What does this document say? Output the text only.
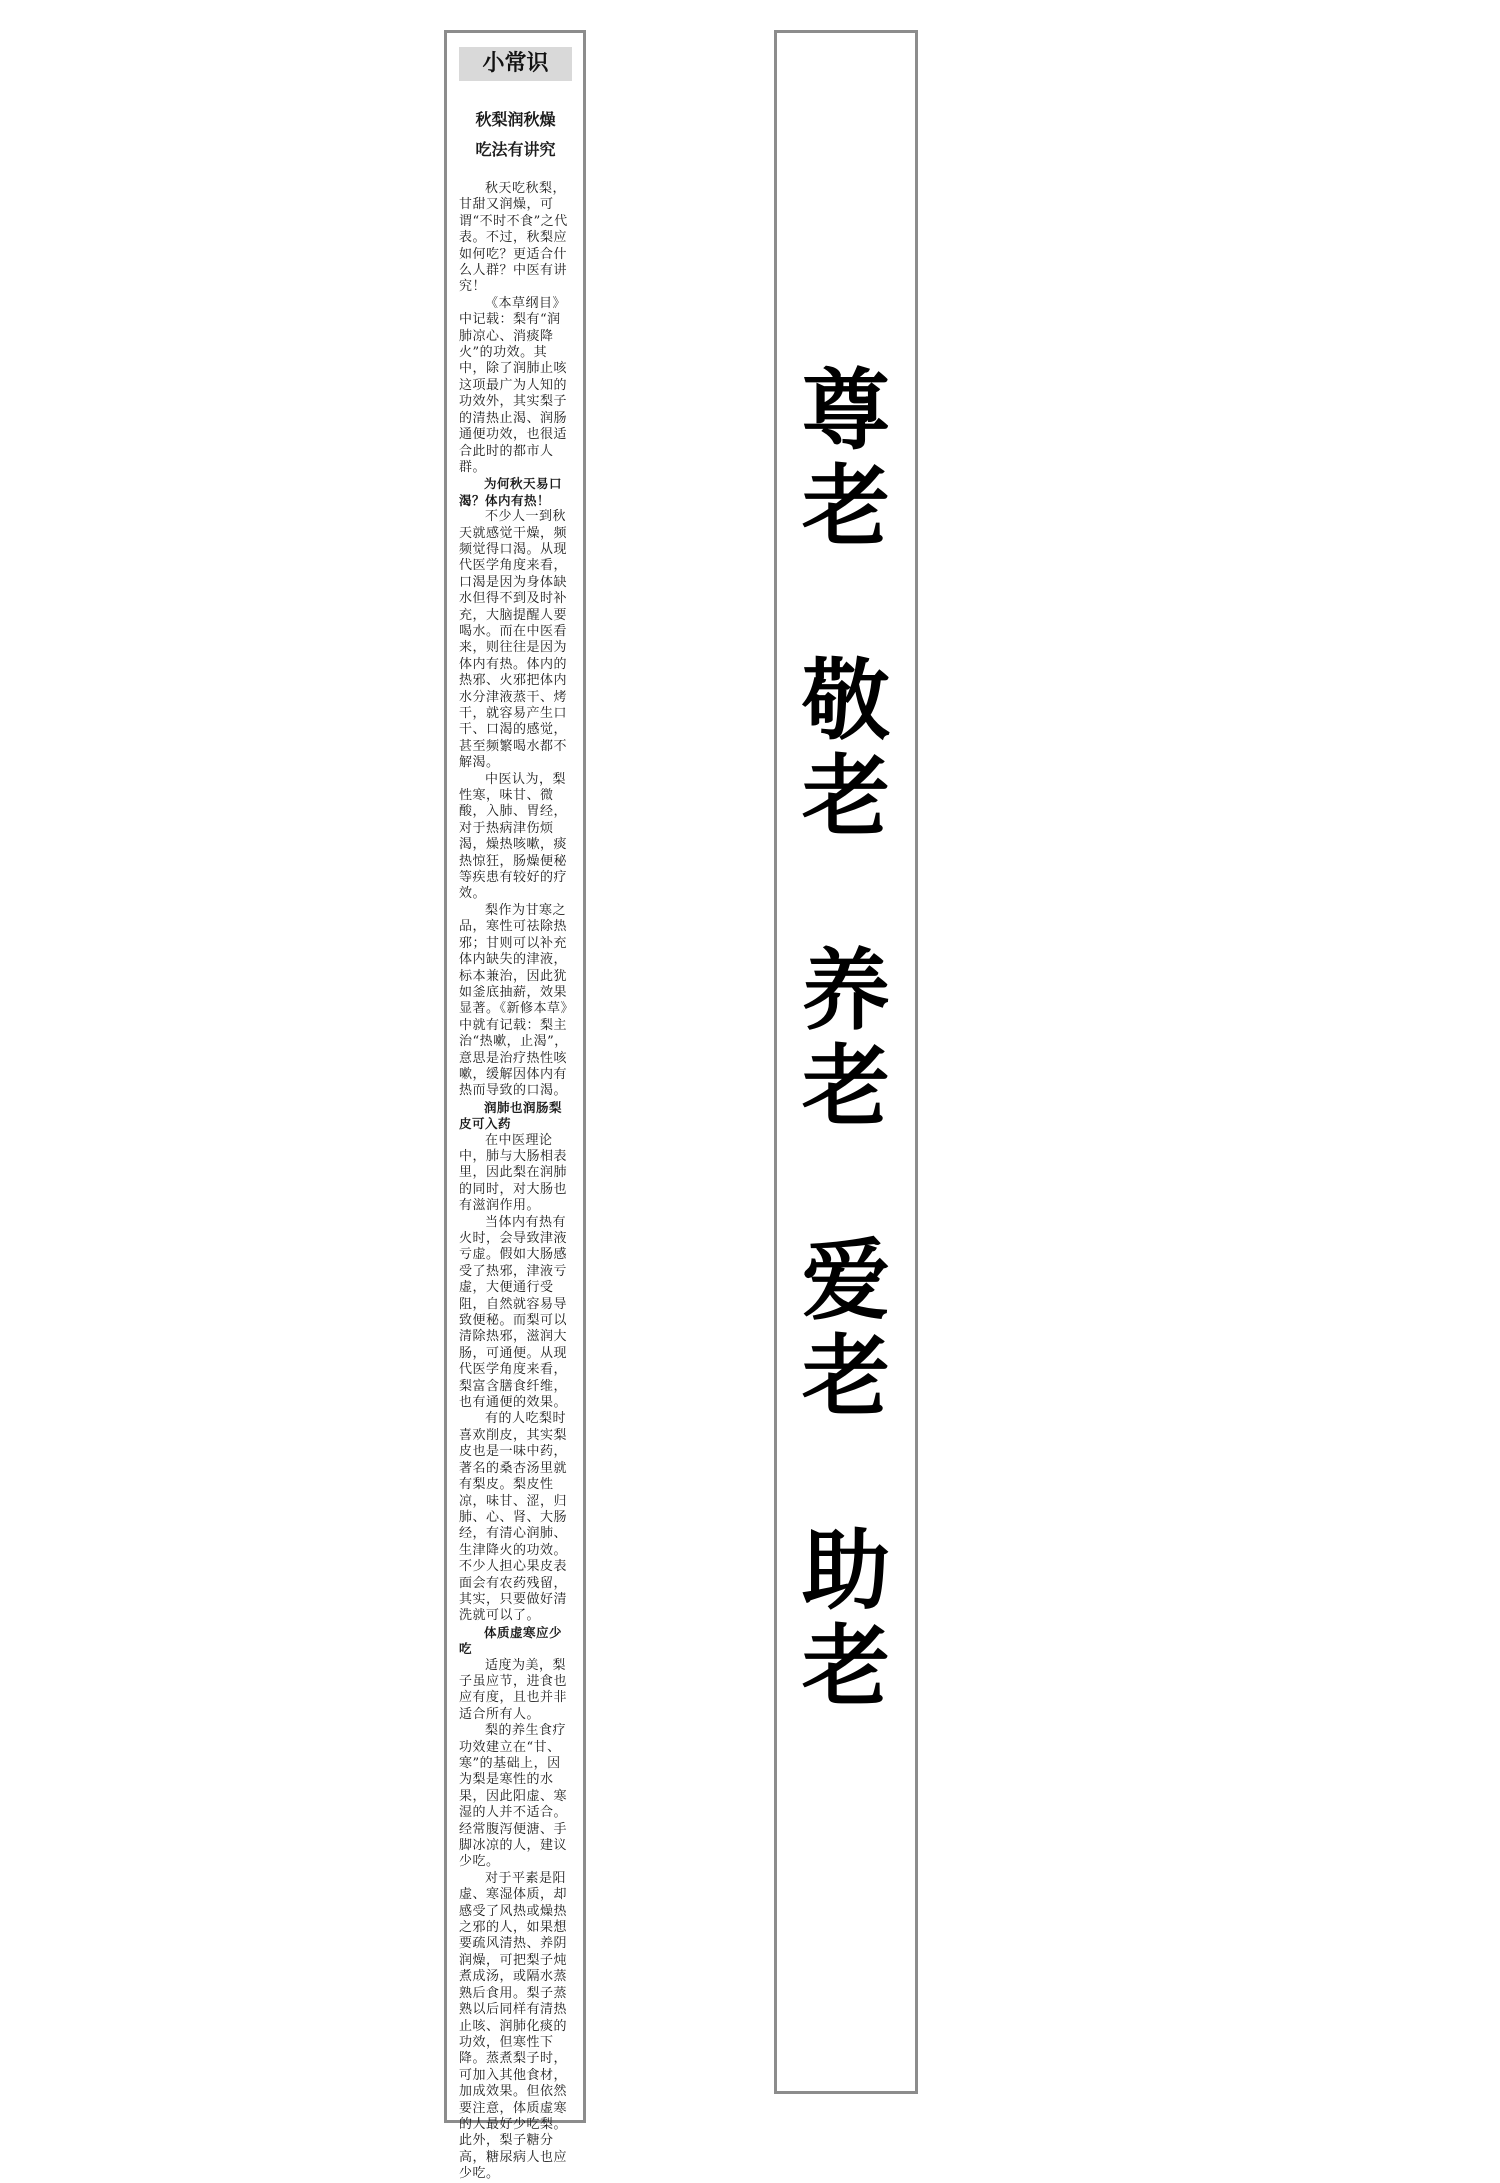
小常识
秋梨润秋燥
吃法有讲究

秋天吃秋梨，甘甜又润燥，可谓“不时不食”之代表。不过，秋梨应如何吃？更适合什么人群？中医有讲究！

《本草纲目》中记载：梨有“润肺凉心、消痰降火”的功效。其中，除了润肺止咳这项最广为人知的功效外，其实梨子的清热止渴、润肠通便功效，也很适合此时的都市人群。

为何秋天易口渴？体内有热！

不少人一到秋天就感觉干燥，频频觉得口渴。从现代医学角度来看，口渴是因为身体缺水但得不到及时补充，大脑提醒人要喝水。而在中医看来，则往往是因为体内有热。体内的热邪、火邪把体内水分津液蒸干、烤干，就容易产生口干、口渴的感觉，甚至频繁喝水都不解渴。

中医认为，梨性寒，味甘、微酸，入肺、胃经，对于热病津伤烦渴，燥热咳嗽，痰热惊狂，肠燥便秘等疾患有较好的疗效。

梨作为甘寒之品，寒性可祛除热邪；甘则可以补充体内缺失的津液，标本兼治，因此犹如釜底抽薪，效果显著。《新修本草》中就有记载：梨主治“热嗽，止渴”，意思是治疗热性咳嗽，缓解因体内有热而导致的口渴。

润肺也润肠梨皮可入药

在中医理论中，肺与大肠相表里，因此梨在润肺的同时，对大肠也有滋润作用。

当体内有热有火时，会导致津液亏虚。假如大肠感受了热邪，津液亏虚，大便通行受阻，自然就容易导致便秘。而梨可以清除热邪，滋润大肠，可通便。从现代医学角度来看，梨富含膳食纤维，也有通便的效果。

有的人吃梨时喜欢削皮，其实梨皮也是一味中药，著名的桑杏汤里就有梨皮。梨皮性凉，味甘、涩，归肺、心、肾、大肠经，有清心润肺、生津降火的功效。不少人担心果皮表面会有农药残留，其实，只要做好清洗就可以了。

体质虚寒应少吃

适度为美，梨子虽应节，进食也应有度，且也并非适合所有人。

梨的养生食疗功效建立在“甘、寒”的基础上，因为梨是寒性的水果，因此阳虚、寒湿的人并不适合。经常腹泻便溏、手脚冰凉的人，建议少吃。

对于平素是阳虚、寒湿体质，却感受了风热或燥热之邪的人，如果想要疏风清热、养阴润燥，可把梨子炖煮成汤，或隔水蒸熟后食用。梨子蒸熟以后同样有清热止咳、润肺化痰的功效，但寒性下降。蒸煮梨子时，可加入其他食材，加成效果。但依然要注意，体质虚寒的人最好少吃梨。此外，梨子糖分高，糖尿病人也应少吃。

尊
老
敬
老
养
老
爱
老
助
老
